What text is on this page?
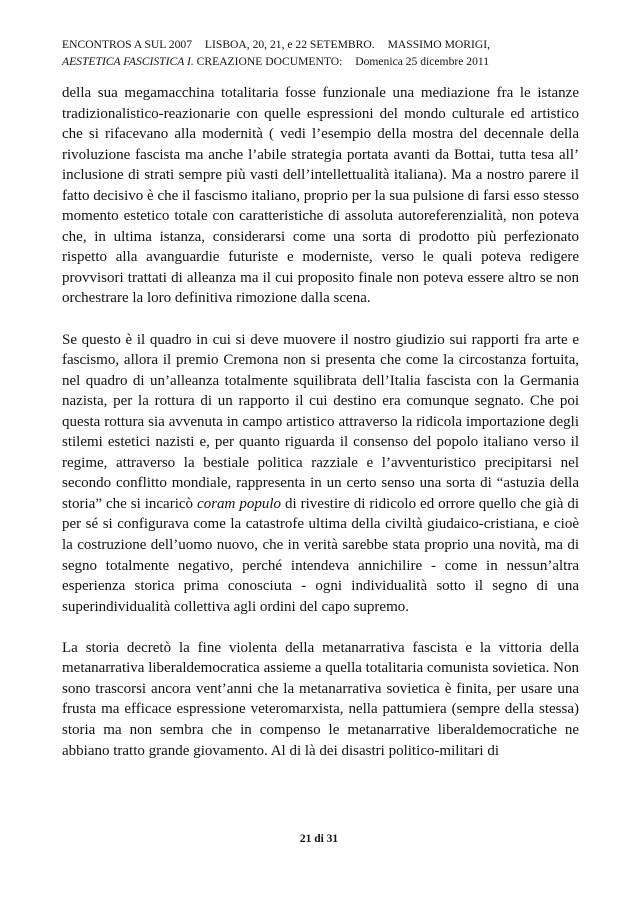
ENCONTROS A SUL 2007 LISBOA, 20, 21, e 22 SETEMBRO. MASSIMO MORIGI,
AESTETICA FASCISTICA I. CREAZIONE DOCUMENTO: Domenica 25 dicembre 2011

della sua megamacchina totalitaria fosse funzionale una mediazione fra le istanze tradizionalistico-reazionarie con quelle espressioni del mondo culturale ed artistico che si rifacevano alla modernità ( vedi l’esempio della mostra del decennale della rivoluzione fascista ma anche l’abile strategia portata avanti da Bottai, tutta tesa all’ inclusione di strati sempre più vasti dell’intellettualità italiana). Ma a nostro parere il fatto decisivo è che il fascismo italiano, proprio per la sua pulsione di farsi esso stesso momento estetico totale con caratteristiche di assoluta autoreferenzialità, non poteva che, in ultima istanza, considerarsi come una sorta di prodotto più perfezionato rispetto alla avanguardie futuriste e moderniste, verso le quali poteva redigere provvisori trattati di alleanza ma il cui proposito finale non poteva essere altro se non orchestrare la loro definitiva rimozione dalla scena.

Se questo è il quadro in cui si deve muovere il nostro giudizio sui rapporti fra arte e fascismo, allora il premio Cremona non si presenta che come la circostanza fortuita, nel quadro di un’alleanza totalmente squilibrata dell’Italia fascista con la Germania nazista, per la rottura di un rapporto il cui destino era comunque segnato. Che poi questa rottura sia avvenuta in campo artistico attraverso la ridicola importazione degli stilemi estetici nazisti e, per quanto riguarda il consenso del popolo italiano verso il regime, attraverso la bestiale politica razziale e l’avventuristico precipitarsi nel secondo conflitto mondiale, rappresenta in un certo senso una sorta di “astuzia della storia” che si incaricò coram populo di rivestire di ridicolo ed orrore quello che già di per sé si configurava come la catastrofe ultima della civiltà giudaico-cristiana, e cioè la costruzione dell’uomo nuovo, che in verità sarebbe stata proprio una novità, ma di segno totalmente negativo, perché intendeva annichilire - come in nessun’altra esperienza storica prima conosciuta - ogni individualità sotto il segno di una superindividualità collettiva agli ordini del capo supremo.

La storia decretò la fine violenta della metanarrativa fascista e la vittoria della metanarrativa liberaldemocratica assieme a quella totalitaria comunista sovietica. Non sono trascorsi ancora vent’anni che la metanarrativa sovietica è finita, per usare una frusta ma efficace espressione veteromarxista, nella pattumiera (sempre della stessa) storia ma non sembra che in compenso le metanarrative liberaldemocratiche ne abbiano tratto grande giovamento. Al di là dei disastri politico-militari di

21 di 31
